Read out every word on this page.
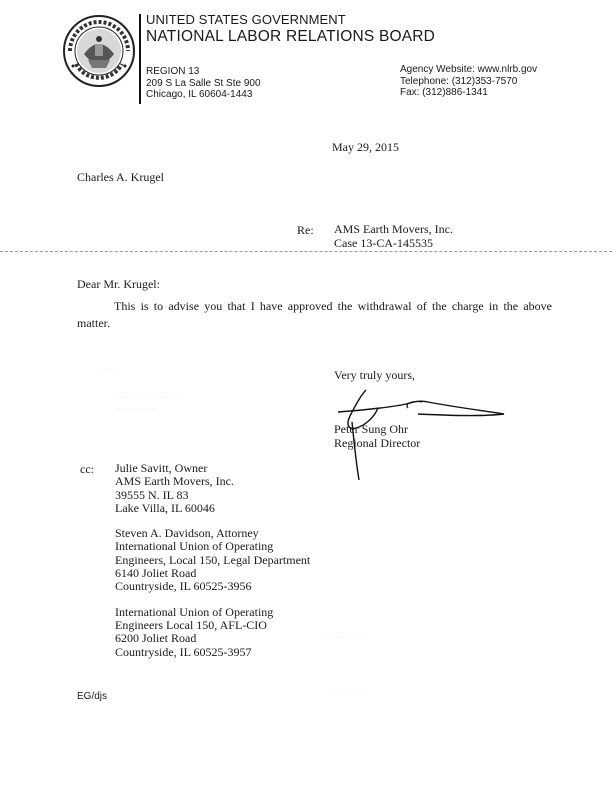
UNITED STATES GOVERNMENT
NATIONAL LABOR RELATIONS BOARD
REGION 13
209 S La Salle St Ste 900
Chicago, IL 60604-1443
Agency Website: www.nlrb.gov
Telephone: (312)353-7570
Fax: (312)886-1341
May 29, 2015
Charles A. Krugel
Re: AMS Earth Movers, Inc.
Case 13-CA-145535
Dear Mr. Krugel:
This is to advise you that I have approved the withdrawal of the charge in the above matter.
· · · ·
· · · · · · · · · · · ·
· · · · · · ·
· · · · · · · ·
· · · · · · ·
Very truly yours,
Peter Sung Ohr
Regional Director
cc: Julie Savitt, Owner
AMS Earth Movers, Inc.
39555 N. IL 83
Lake Villa, IL 60046
Steven A. Davidson, Attorney
International Union of Operating
Engineers, Local 150, Legal Department
6140 Joliet Road
Countryside, IL 60525-3956
International Union of Operating
Engineers Local 150, AFL-CIO
6200 Joliet Road
Countryside, IL 60525-3957
EG/djs
